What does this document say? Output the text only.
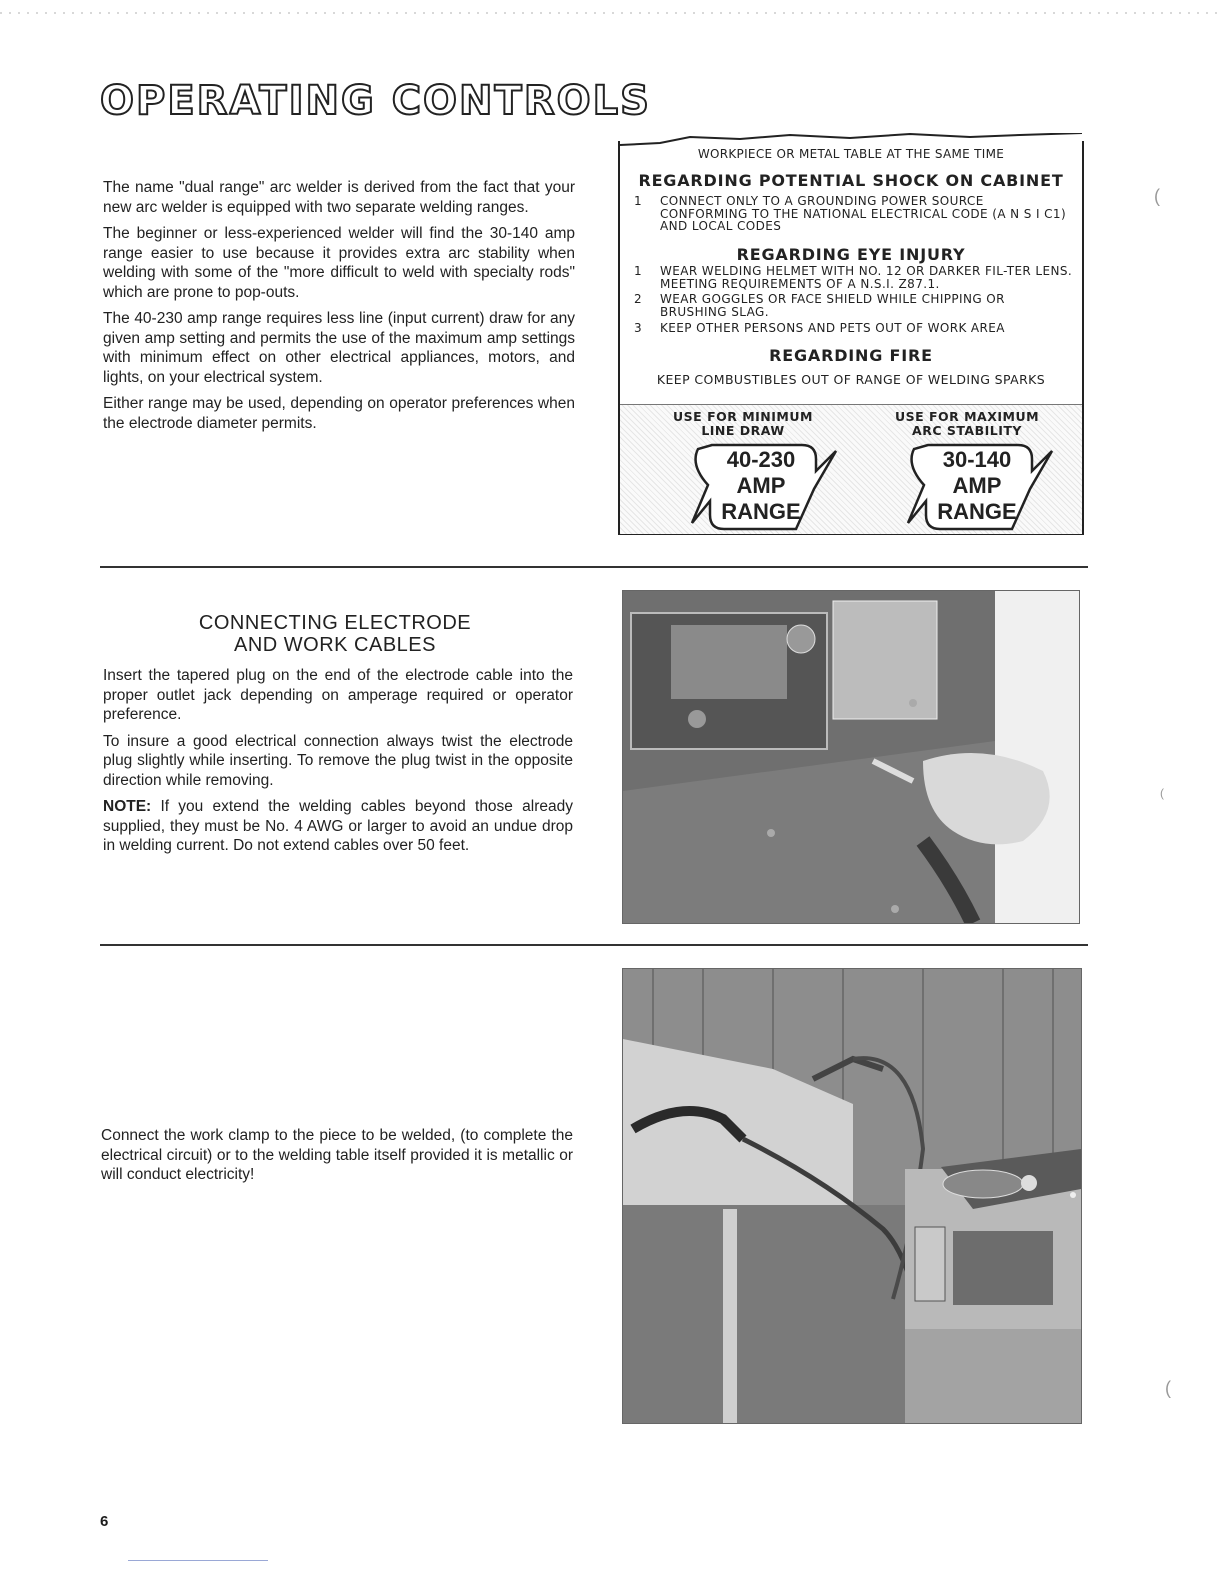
OPERATING CONTROLS

The name "dual range" arc welder is derived from the fact that your new arc welder is equipped with two separate welding ranges.

The beginner or less-experienced welder will find the 30-140 amp range easier to use because it provides extra arc stability when welding with some of the "more difficult to weld with specialty rods" which are prone to pop-outs.

The 40-230 amp range requires less line (input current) draw for any given amp setting and permits the use of the maximum amp settings with minimum effect on other electrical appliances, motors, and lights, on your electrical system.

Either range may be used, depending on operator preferences when the electrode diameter permits.

WORKPIECE OR METAL TABLE AT THE SAME TIME
REGARDING POTENTIAL SHOCK ON CABINET
1 CONNECT ONLY TO A GROUNDING POWER SOURCE CONFORMING TO THE NATIONAL ELECTRICAL CODE (A N S I C1) AND LOCAL CODES
REGARDING EYE INJURY
1 WEAR WELDING HELMET WITH NO. 12 OR DARKER FIL-TER LENS. MEETING REQUIREMENTS OF A N.S.I. Z87.1.
2 WEAR GOGGLES OR FACE SHIELD WHILE CHIPPING OR BRUSHING SLAG.
3 KEEP OTHER PERSONS AND PETS OUT OF WORK AREA
REGARDING FIRE
KEEP COMBUSTIBLES OUT OF RANGE OF WELDING SPARKS
USE FOR MINIMUM LINE DRAW
USE FOR MAXIMUM ARC STABILITY
40-230
AMP
RANGE
30-140
AMP
RANGE
CONNECTING ELECTRODE
AND WORK CABLES

Insert the tapered plug on the end of the electrode cable into the proper outlet jack depending on amperage required or operator preference.

To insure a good electrical connection always twist the electrode plug slightly while inserting. To remove the plug twist in the opposite direction while removing.

NOTE: If you extend the welding cables beyond those already supplied, they must be No. 4 AWG or larger to avoid an undue drop in welding current. Do not extend cables over 50 feet.

Connect the work clamp to the piece to be welded, (to complete the electrical circuit) or to the welding table itself provided it is metallic or will conduct electricity!

(
(
(
6
